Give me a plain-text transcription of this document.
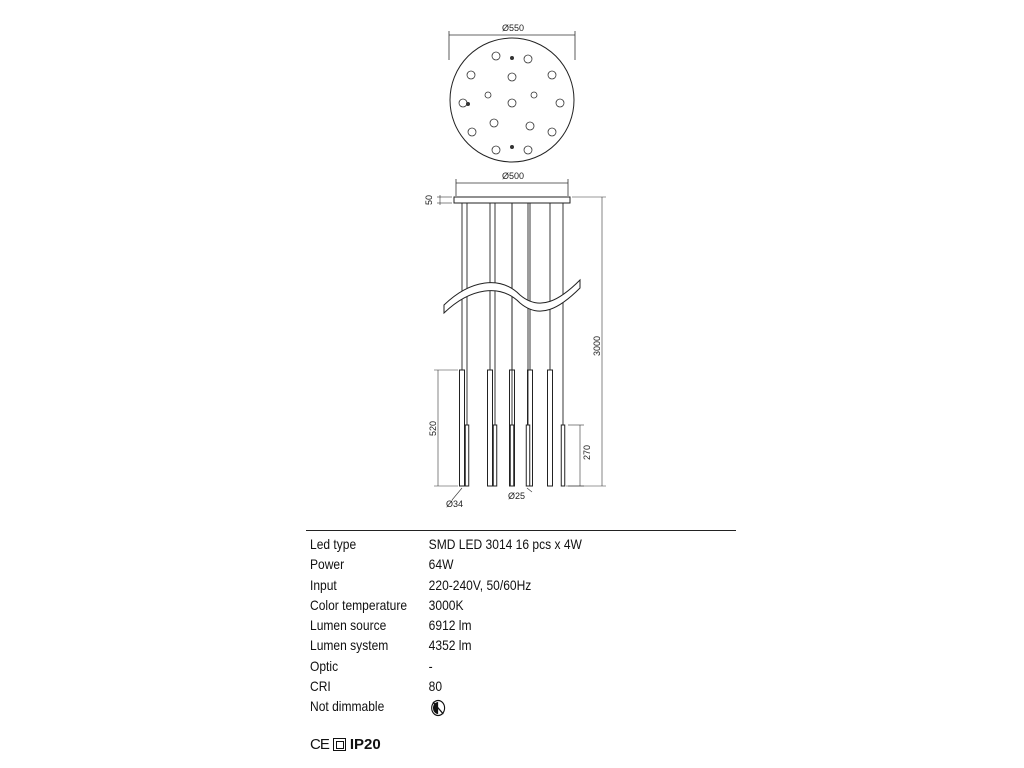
Ø550
Ø500
50
3000
520
270
Ø34
Ø25
Led type	SMD LED 3014 16 pcs x 4W
Power	64W
Input	220-240V, 50/60Hz
Color temperature	3000K
Lumen source	6912 lm
Lumen system	4352 lm
Optic	-
CRI	80
Not dimmable
CE IP20
